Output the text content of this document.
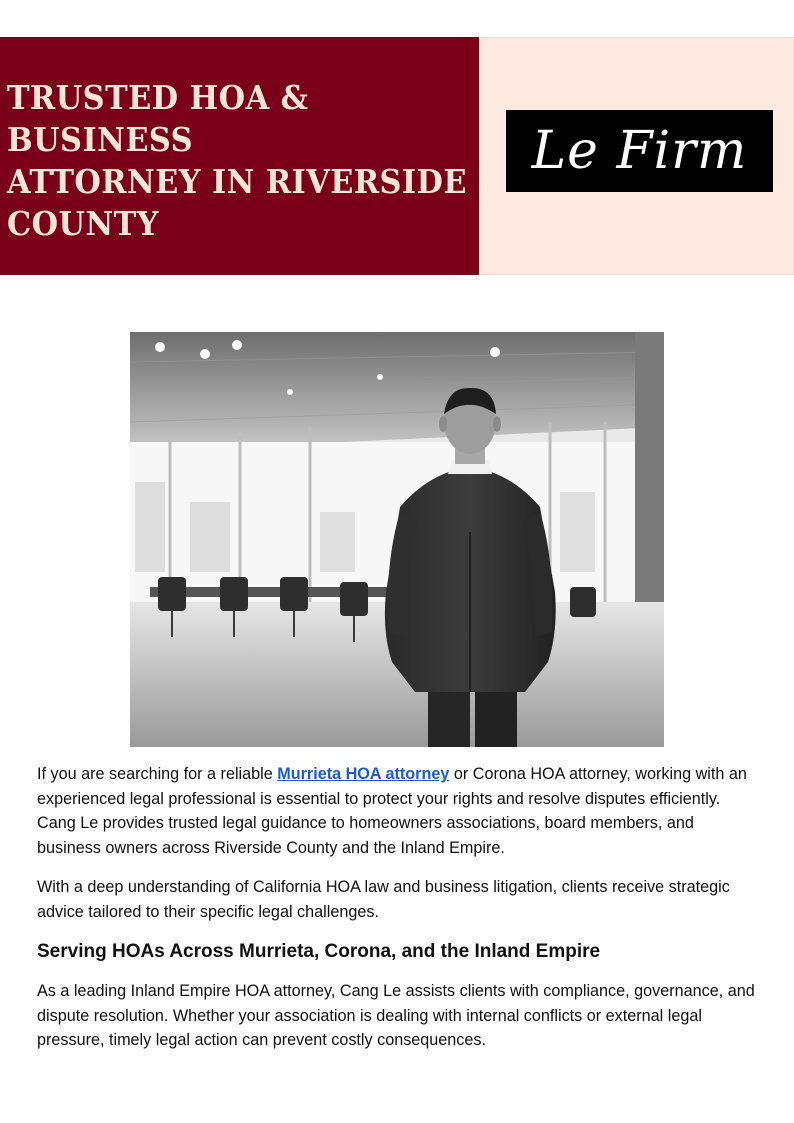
TRUSTED HOA & BUSINESS
ATTORNEY IN RIVERSIDE
COUNTY
Le Firm

If you are searching for a reliable Murrieta HOA attorney or Corona HOA attorney, working with an experienced legal professional is essential to protect your rights and resolve disputes efficiently. Cang Le provides trusted legal guidance to homeowners associations, board members, and business owners across Riverside County and the Inland Empire.

With a deep understanding of California HOA law and business litigation, clients receive strategic advice tailored to their specific legal challenges.

Serving HOAs Across Murrieta, Corona, and the Inland Empire

As a leading Inland Empire HOA attorney, Cang Le assists clients with compliance, governance, and dispute resolution. Whether your association is dealing with internal conflicts or external legal pressure, timely legal action can prevent costly consequences.
